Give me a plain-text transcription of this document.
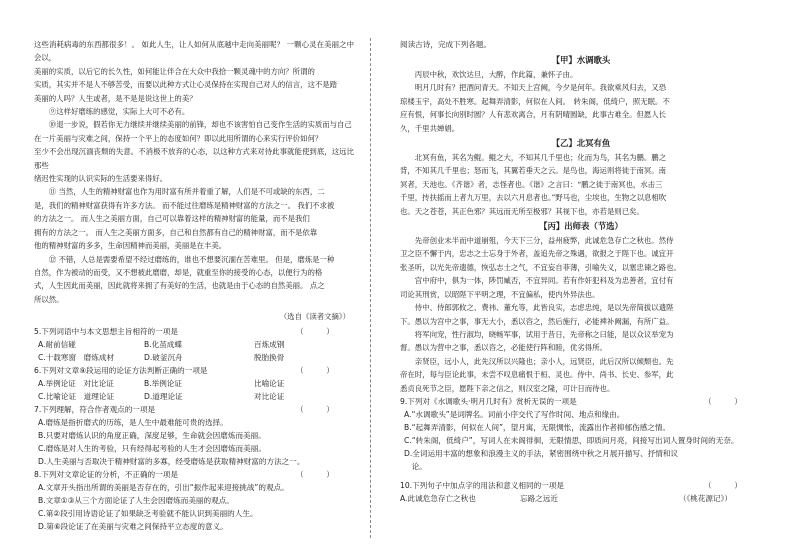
这些消耗病毒的东西都很多！。 如此人生，让人如何从底越中走向美丽呢？ 一颗心灵在美丽之中会以，

美丽的实质，以后它的长久性，如何能让伴合在大众中我拾一颗灵魂中的方向？所谓的

实质，其实并不是人不够苦受，而要以此种方式让心灵保持在实现自己对人的信言，这不是踏

美丽的人吗？人生或者，是不是是说这世上的美？

⑨这样好磨练的感觉，实际上大可不必有。

⑩退一步说，假若你无力继续并继续美丽的前锋，却也不该害怕自己变作生活的实质而与自己

在一片美丽与灾难之间，保持一个平上的态度如何？即以此用所谓的心来实行评价如何？

至少不会出现沉湎丧颓的失意。不消极不放弃的心态，以这种方式来对待此事就能使到底，这远比那些

绪迟性实现的认识实际的生活要来得好。

⑪ 当然，人生的精神财富也作为用时富有所并着重了解，人们是不可或缺的东西，二

是，我们的精神财富获得有许多方法。 而不能过往磨练是精神财富的方法之一。 我们不求被

的方法之一。 而人生之美丽方面，自己可以靠着这样的精神财富的能量，而不是我们

拥有的方法之一。 而人生之美丽方面多，自己和自然都有自己的精神财富，而不是依靠

他的精神财富的多多，生命因精神而美丽，美丽是在丰美。

⑫ 不错，人总是需要希望不经过磨练的，谁也不想要沉湎在苦难里。 但是，磨炼是一种

自然，作为被动的而受，又不想被此磨磨，却是，就重至你的接受的心态，以便行为的格

式，人生因此而美丽，因此就将来拥了有美好的生活，也就是由于心态的自然美丽。 点之

所以然。

（选自《读者文摘》）

（　　　）
5.下列词语中与本文思想主旨相符的一项是

A.耐前信碰	B.化茧成蝶	百炼成钢
C.十载寒窗　磨炼成材	D.破釜沉舟	脱胎换骨

（　　　）
6.下列对文章⑨段运用的论证方法判断正确的一项是

A.举例论证　对比论证	B.举例论证	比喻论证
C.比喻论证　道理论证	D.道理论证	对比论证

（　　　）
7.下列理解，符合作者观点的一项是

A.磨炼是指折磨式的历练，是人生中最难能可贵的选择。

B.只要对磨炼认识的角度正确，深度足够，生命就会因磨炼而美丽。

C.磨炼是对人生的考验，只有经得起考验的人生才会因磨炼而美丽。

D.人生美丽与否取决于精神财富的多寡，经受磨炼是获取精神财富的方法之一。

（　　　）
8.下列对文章论证的分析，不正确的一项是

A.文章开头指出所谓的美丽是否存在的，引出“振作起来迎接挑战”的观点。

B.文章①③从三个方面论证了人生会因磨炼而美丽的观点。

C.第②段引用诗语论证了如果缺乏考验就不能认识到美丽的人生。

D.第⑥段论证了在美丽与灾难之间保持平立态度的意义。

阅读古诗，完成下列各题。

【甲】水调歌头

丙辰中秋，欢饮达旦，大醉，作此篇，兼怀子由。

明月几时有？把酒问青天。不知天上宫阙，今夕是何年。我欲乘风归去，又恐

琼楼玉宇，高处不胜寒。起舞弄清影，何似在人间。　转朱阁，低绮户，照无眠。不

应有恨，何事长向别时圆？人有悲欢离合，月有阴晴圆缺，此事古难全。但愿人长

久，千里共婵娟。

【乙】北冥有鱼

北冥有鱼，其名为鲲。鲲之大，不知其几千里也；化而为鸟，其名为鹏。鹏之

背，不知其几千里也；怒而飞，其翼若垂天之云。是鸟也，海运则将徙于南冥。南

冥者，天池也。《齐谐》者，志怪者也。《谐》之言曰：“鹏之徙于南冥也，水击三

千里，抟扶摇而上者九万里，去以六月息者也。”野马也，尘埃也，生物之以息相吹

也。天之苍苍，其正色邪？其远而无所至极邪？其视下也，亦若是则已矣。

【丙】出师表（节选）

先帝创业未半而中道崩殂，今天下三分，益州疲弊，此诚危急存亡之秋也。然侍

卫之臣不懈于内，忠志之士忘身于外者，盖追先帝之殊遇，欲报之于陛下也。诚宜开

张圣听，以光先帝遗德，恢弘志士之气，不宜妄自菲薄，引喻失义，以塞忠谏之路也。

宫中府中，俱为一体，陟罚臧否，不宜异同。若有作奸犯科及为忠善者，宜付有

司论其刑赏，以昭陛下平明之理，不宜偏私，使内外异法也。

侍中、侍郎郭攸之、费祎、董允等，此皆良实，志虑忠纯，是以先帝简拔以遗陛

下。愚以为宫中之事，事无大小，悉以咨之，然后施行，必能裨补阙漏，有所广益。

将军向宠，性行淑均，晓畅军事，试用于昔日，先帝称之曰能，是以众议举宠为

督。愚以为营中之事，悉以咨之，必能使行阵和睦，优劣得所。

亲贤臣，远小人，此先汉所以兴隆也；亲小人，远贤臣，此后汉所以倾颓也。先

帝在时，每与臣论此事，未尝不叹息痛恨于桓、灵也。侍中、尚书、长史、参军，此

悉贞良死节之臣，愿陛下亲之信之，则汉室之隆，可计日而待也。

（　　　）
9.下列对《水调歌头·明月几时有》赏析无误的一项是

A.“水调歌头”是词牌名。词前小序交代了写作时间、地点和缘由。

B.“起舞弄清影，何似在人间”，望月寓，无限惆怅，流露出作者抑郁伤感之情。

C.“转朱阁，低绮户”，写词人在未阁徘徊，无限情思，即质问月亮，间接写出词人置身时间的无奈。

D.全词运用丰富的想象和浪漫主义的手法，紧密围绕中秋之月展开描写、抒情和议

　论。

（　　　）
10.下列句子中加点字的用法和意义相同的一项是

（《桃花源记》）
A.此诚危急存亡之秋也	忘路之远近
